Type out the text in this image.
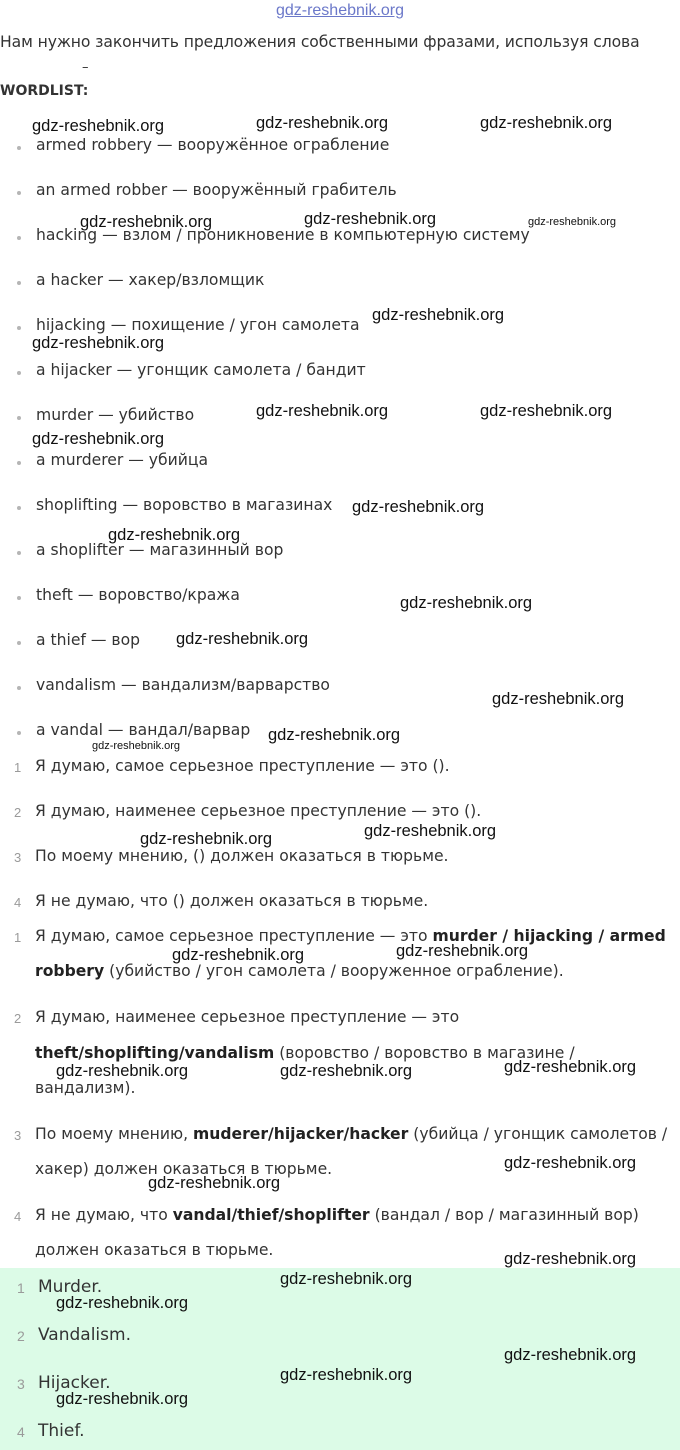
gdz-reshebnik.org
Нам нужно закончить предложения собственными фразами, используя слова
–
WORDLIST:
armed robbery — вооружённое ограбление
an armed robber — вооружённый грабитель
hacking — взлом / проникновение в компьютерную систему
a hacker — хакер/взломщик
hijacking — похищение / угон самолета
a hijacker — угонщик самолета / бандит
murder — убийство
a murderer — убийца
shoplifting — воровство в магазинах
a shoplifter — магазинный вор
theft — воровство/кража
a thief — вор
vandalism — вандализм/варварство
a vandal — вандал/варвар
1 Я думаю, самое серьезное преступление — это ().
2 Я думаю, наименее серьезное преступление — это ().
3 По моему мнению, () должен оказаться в тюрьме.
4 Я не думаю, что () должен оказаться в тюрьме.
1 Я думаю, самое серьезное преступление — это murder / hijacking / armed
robbery (убийство / угон самолета / вооруженное ограбление).
2 Я думаю, наименее серьезное преступление — это
theft/shoplifting/vandalism (воровство / воровство в магазине /
вандализм).
3 По моему мнению, muderer/hijacker/hacker (убийца / угонщик самолетов /
хакер) должен оказаться в тюрьме.
4 Я не думаю, что vandal/thief/shoplifter (вандал / вор / магазинный вор)
должен оказаться в тюрьме.
1 Murder.
2 Vandalism.
3 Hijacker.
4 Thief.
gdz-reshebnik.org	gdz-reshebnik.org	gdz-reshebnik.org
gdz-reshebnik.org	gdz-reshebnik.org	gdz-reshebnik.org
gdz-reshebnik.org
gdz-reshebnik.org
gdz-reshebnik.org	gdz-reshebnik.org
gdz-reshebnik.org
gdz-reshebnik.org
gdz-reshebnik.org
gdz-reshebnik.org
gdz-reshebnik.org
gdz-reshebnik.org
gdz-reshebnik.org
gdz-reshebnik.org
gdz-reshebnik.org
gdz-reshebnik.org
gdz-reshebnik.org
gdz-reshebnik.org
gdz-reshebnik.org
gdz-reshebnik.org	gdz-reshebnik.org
gdz-reshebnik.org
gdz-reshebnik.org
gdz-reshebnik.org
gdz-reshebnik.org
gdz-reshebnik.org
gdz-reshebnik.org
gdz-reshebnik.org
gdz-reshebnik.org
